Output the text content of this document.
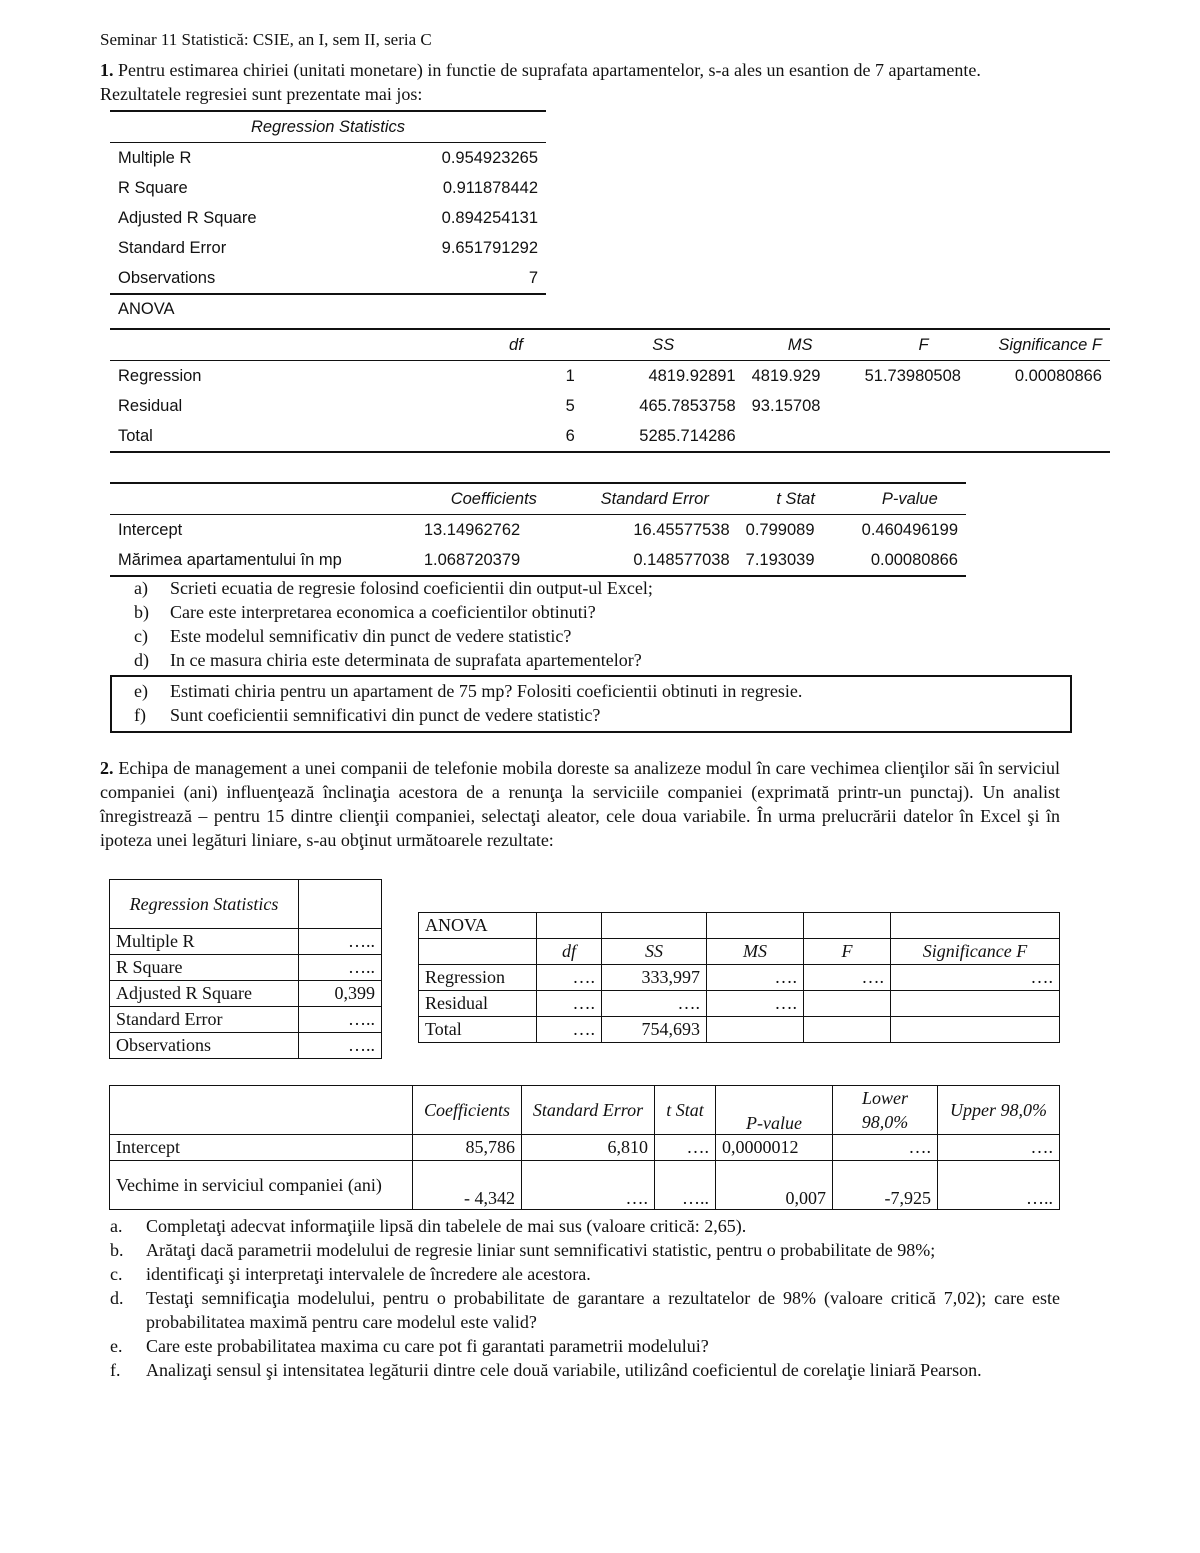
Seminar 11 Statistică: CSIE, an I, sem II, seria C
1. Pentru estimarea chiriei (unitati monetare) in functie de suprafata apartamentelor, s-a ales un esantion de 7 apartamente. Rezultatele regresiei sunt prezentate mai jos:
Regression Statistics	
Multiple R	0.954923265
R Square	0.911878442
Adjusted R Square	0.894254131
Standard Error	9.651791292
Observations	7
ANOVA
	df	SS	MS	F	Significance F
Regression	1	4819.92891	4819.929	51.73980508	0.00080866
Residual	5	465.7853758	93.15708		
Total	6	5285.714286			
	Coefficients	Standard Error	t Stat	P-value
Intercept	13.14962762	16.45577538	0.799089	0.460496199
Mărimea apartamentului în mp	1.068720379	0.148577038	7.193039	0.00080866
a)	Scrieti ecuatia de regresie folosind coeficientii din output-ul Excel;
b)	Care este interpretarea economica a coeficientilor obtinuti?
c)	Este modelul semnificativ din punct de vedere statistic?
d)	In ce masura chiria este determinata de suprafata apartementelor?
e)	Estimati chiria pentru un apartament de 75 mp? Folositi coeficientii obtinuti in regresie.
f)	Sunt coeficientii semnificativi din punct de vedere statistic?
2. Echipa de management a unei companii de telefonie mobila doreste sa analizeze modul în care vechimea clienţilor săi în serviciul companiei (ani) influenţează înclinaţia acestora de a renunţa la serviciile companiei (exprimată printr-un punctaj). Un analist înregistrează – pentru 15 dintre clienţii companiei, selectaţi aleator, cele doua variabile. În urma prelucrării datelor în Excel şi în ipoteza unei legături liniare, s-au obţinut următoarele rezultate:
Regression Statistics	
Multiple R	…..
R Square	…..
Adjusted R Square	0,399
Standard Error	…..
Observations	…..
ANOVA					
	df	SS	MS	F	Significance F
Regression	….	333,997	….	….	….
Residual	….	….	….		
Total	….	754,693			
	Coefficients	Standard Error	t Stat	P-value	Lower 98,0%	Upper 98,0%
Intercept	85,786	6,810	….	0,0000012	….	….
Vechime in serviciul companiei (ani)	- 4,342	….	…..	0,007	-7,925	…..
a.	Completaţi adecvat informaţiile lipsă din tabelele de mai sus (valoare critică: 2,65).
b.	Arătaţi dacă parametrii modelului de regresie liniar sunt semnificativi statistic, pentru o probabilitate de 98%;
c.	identificaţi şi interpretaţi intervalele de încredere ale acestora.
d.	Testaţi semnificaţia modelului, pentru o probabilitate de garantare a rezultatelor de 98% (valoare critică 7,02); care este probabilitatea maximă pentru care modelul este valid?
e.	Care este probabilitatea maxima cu care pot fi garantati parametrii modelului?
f.	Analizaţi sensul şi intensitatea legăturii dintre cele două variabile, utilizând coeficientul de corelaţie liniară Pearson.
